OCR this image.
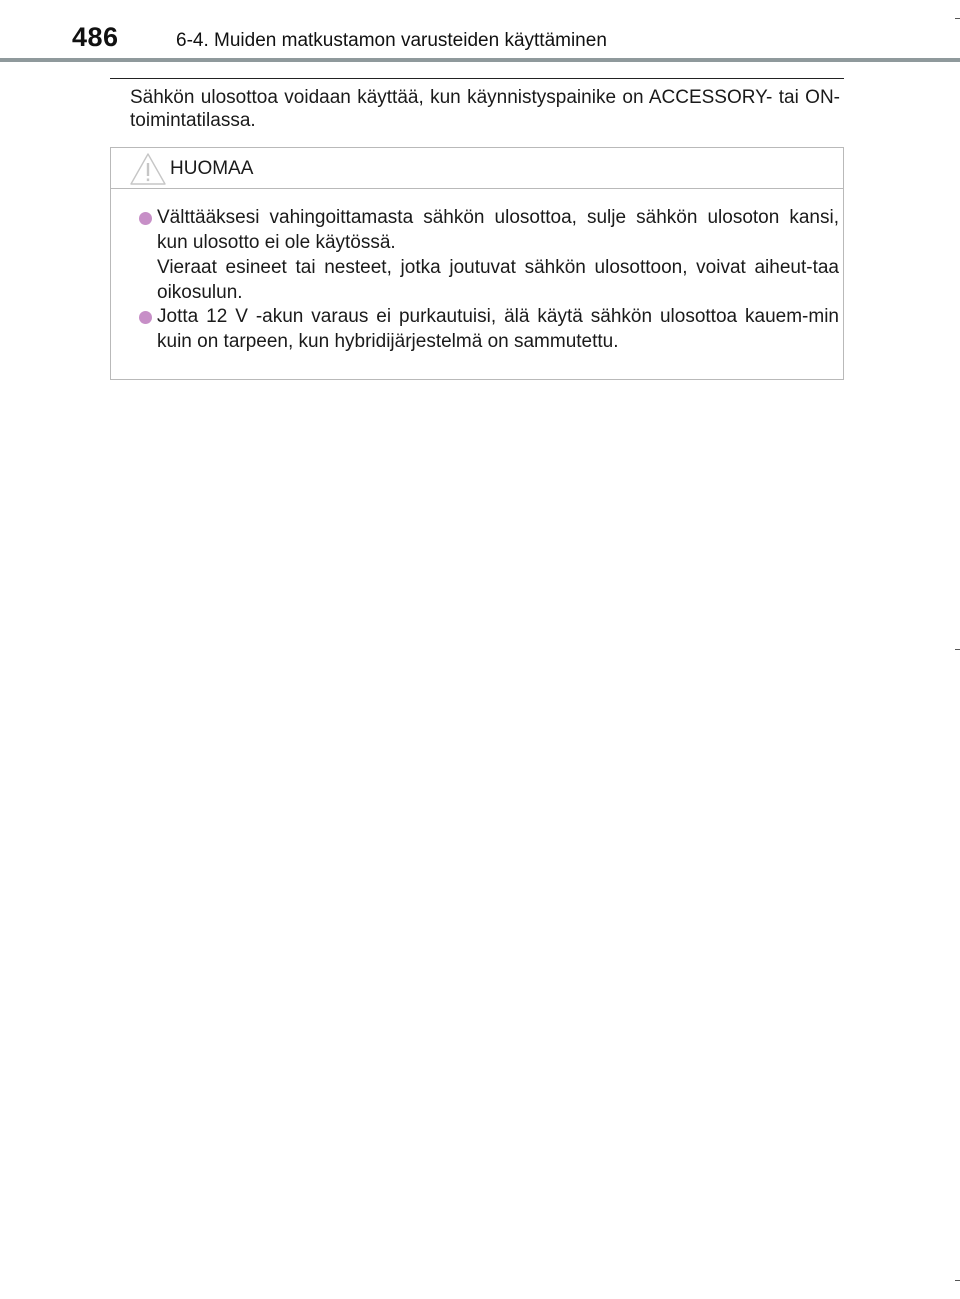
486	6-4. Muiden matkustamon varusteiden käyttäminen
Sähkön ulosottoa voidaan käyttää, kun käynnistyspainike on ACCESSORY- tai ON-toimintatilassa.
HUOMAA

Välttääksesi vahingoittamasta sähkön ulosottoa, sulje sähkön ulosoton kansi, kun ulosotto ei ole käytössä.

Vieraat esineet tai nesteet, jotka joutuvat sähkön ulosottoon, voivat aiheut-taa oikosulun.

Jotta 12 V -akun varaus ei purkautuisi, älä käytä sähkön ulosottoa kauem-min kuin on tarpeen, kun hybridijärjestelmä on sammutettu.
